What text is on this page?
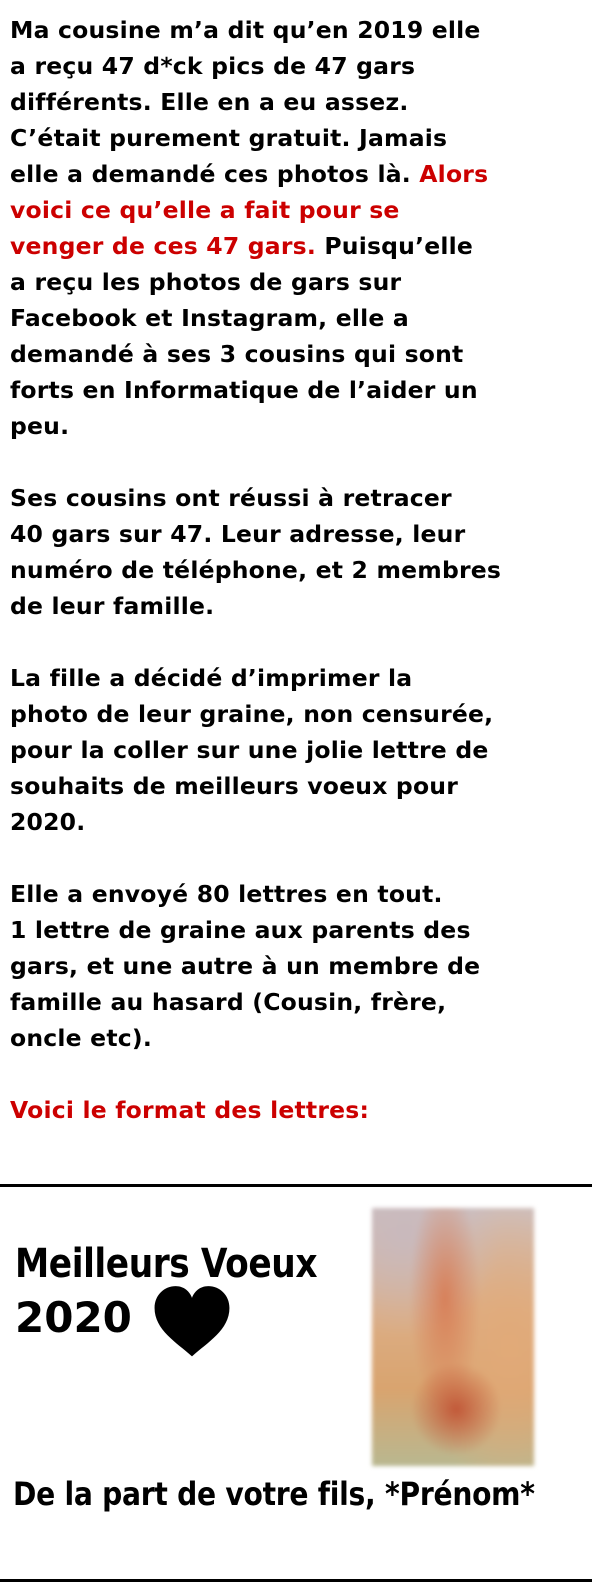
Ma cousine m’a dit qu’en 2019 elle
a reçu 47 d*ck pics de 47 gars
différents. Elle en a eu assez.
C’était purement gratuit. Jamais
elle a demandé ces photos là. Alors
voici ce qu’elle a fait pour se
venger de ces 47 gars. Puisqu’elle
a reçu les photos de gars sur
Facebook et Instagram, elle a
demandé à ses 3 cousins qui sont
forts en Informatique de l’aider un
peu.

Ses cousins ont réussi à retracer
40 gars sur 47. Leur adresse, leur
numéro de téléphone, et 2 membres
de leur famille.

La fille a décidé d’imprimer la
photo de leur graine, non censurée,
pour la coller sur une jolie lettre de
souhaits de meilleurs voeux pour
2020.

Elle a envoyé 80 lettres en tout.
1 lettre de graine aux parents des
gars, et une autre à un membre de
famille au hasard (Cousin, frère,
oncle etc).

Voici le format des lettres:

Meilleurs Voeux
2020
De la part de votre fils, *Prénom*
